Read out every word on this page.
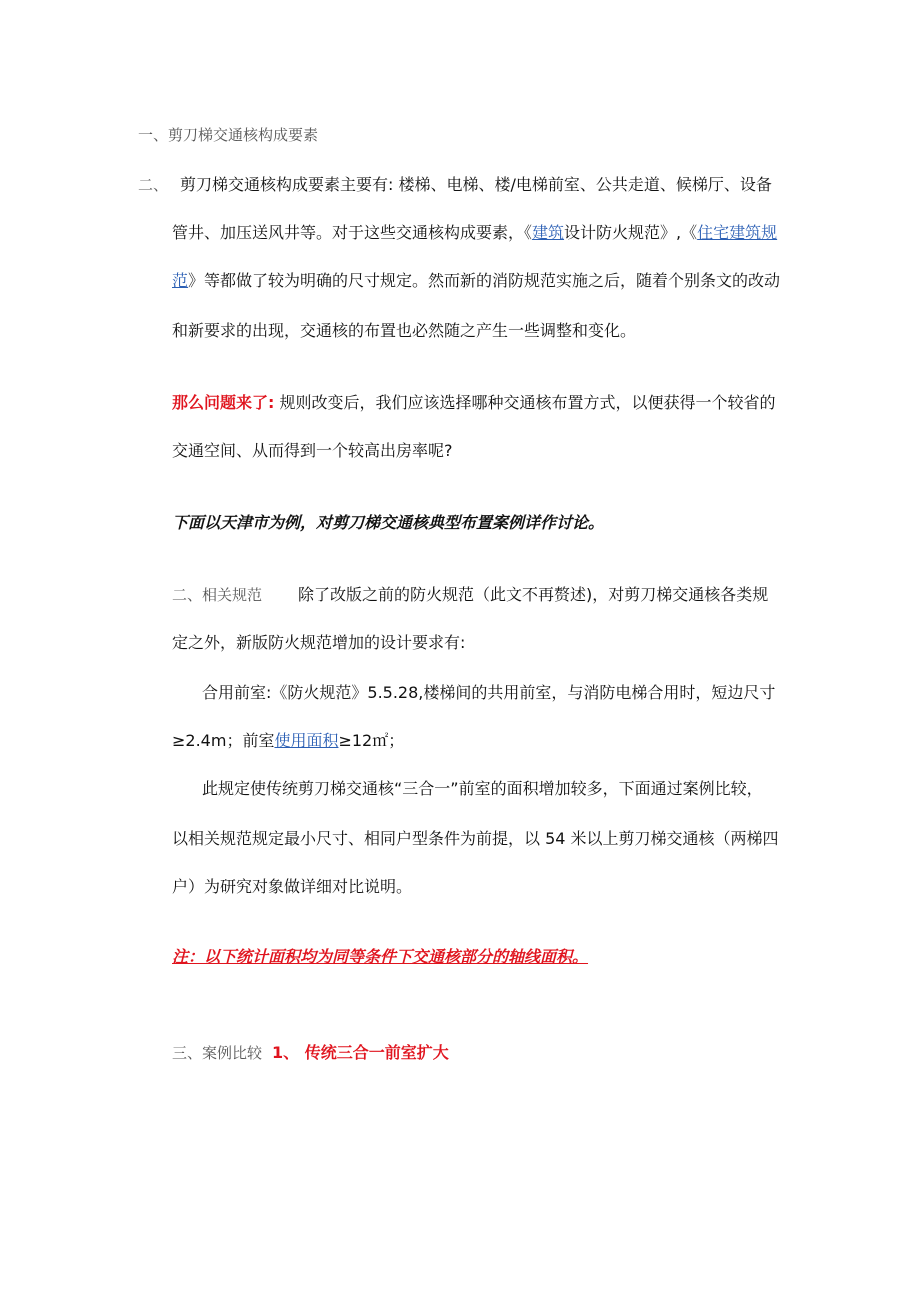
一、剪刀梯交通核构成要素
二、 剪刀梯交通核构成要素主要有: 楼梯、电梯、楼/电梯前室、公共走道、候梯厅、设备
管井、加压送风井等。对于这些交通核构成要素，《建筑设计防火规范》,《住宅建筑规
范》等都做了较为明确的尺寸规定。然而新的消防规范实施之后，随着个别条文的改动
和新要求的出现，交通核的布置也必然随之产生一些调整和变化。
那么问题来了: 规则改变后，我们应该选择哪种交通核布置方式，以便获得一个较省的
交通空间、从而得到一个较高出房率呢?
下面以天津市为例，对剪刀梯交通核典型布置案例详作讨论。
二、相关规范 除了改版之前的防火规范（此文不再赘述)，对剪刀梯交通核各类规
定之外，新版防火规范增加的设计要求有:
合用前室:《防火规范》5.5.28,楼梯间的共用前室，与消防电梯合用时，短边尺寸
≥2.4m；前室使用面积≥12㎡；
此规定使传统剪刀梯交通核“三合一”前室的面积增加较多，下面通过案例比较，
以相关规范规定最小尺寸、相同户型条件为前提，以 54 米以上剪刀梯交通核（两梯四
户）为研究对象做详细对比说明。
注：以下统计面积均为同等条件下交通核部分的轴线面积。
三、案例比较 1、 传统三合一前室扩大
